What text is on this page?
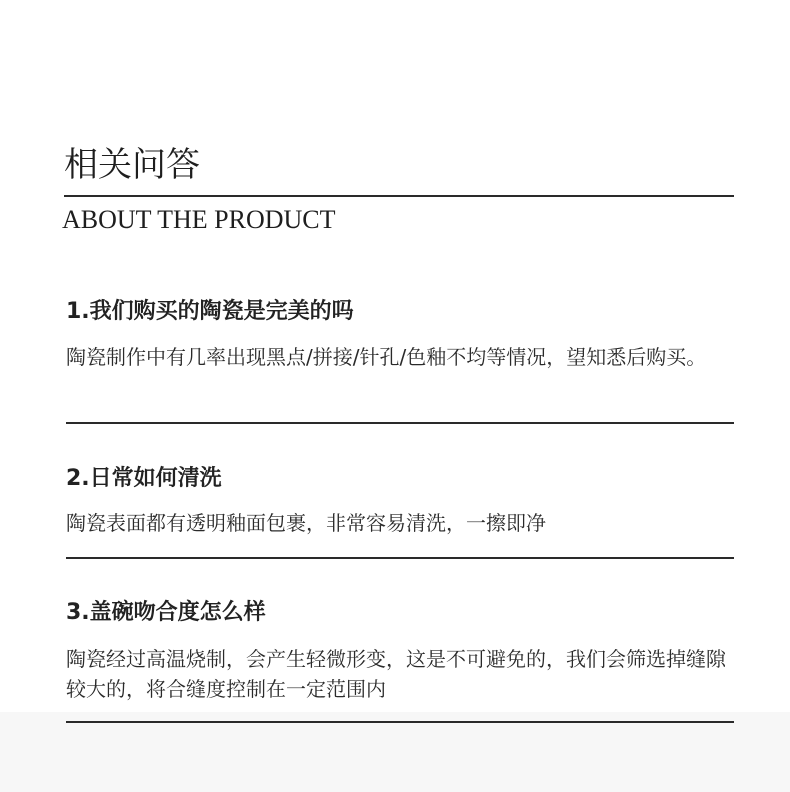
相关问答
ABOUT THE PRODUCT
1.我们购买的陶瓷是完美的吗
陶瓷制作中有几率出现黑点/拼接/针孔/色釉不均等情况，望知悉后购买。
2.日常如何清洗
陶瓷表面都有透明釉面包裹，非常容易清洗，一擦即净
3.盖碗吻合度怎么样
陶瓷经过高温烧制，会产生轻微形变，这是不可避免的，我们会筛选掉缝隙较大的，将合缝度控制在一定范围内
